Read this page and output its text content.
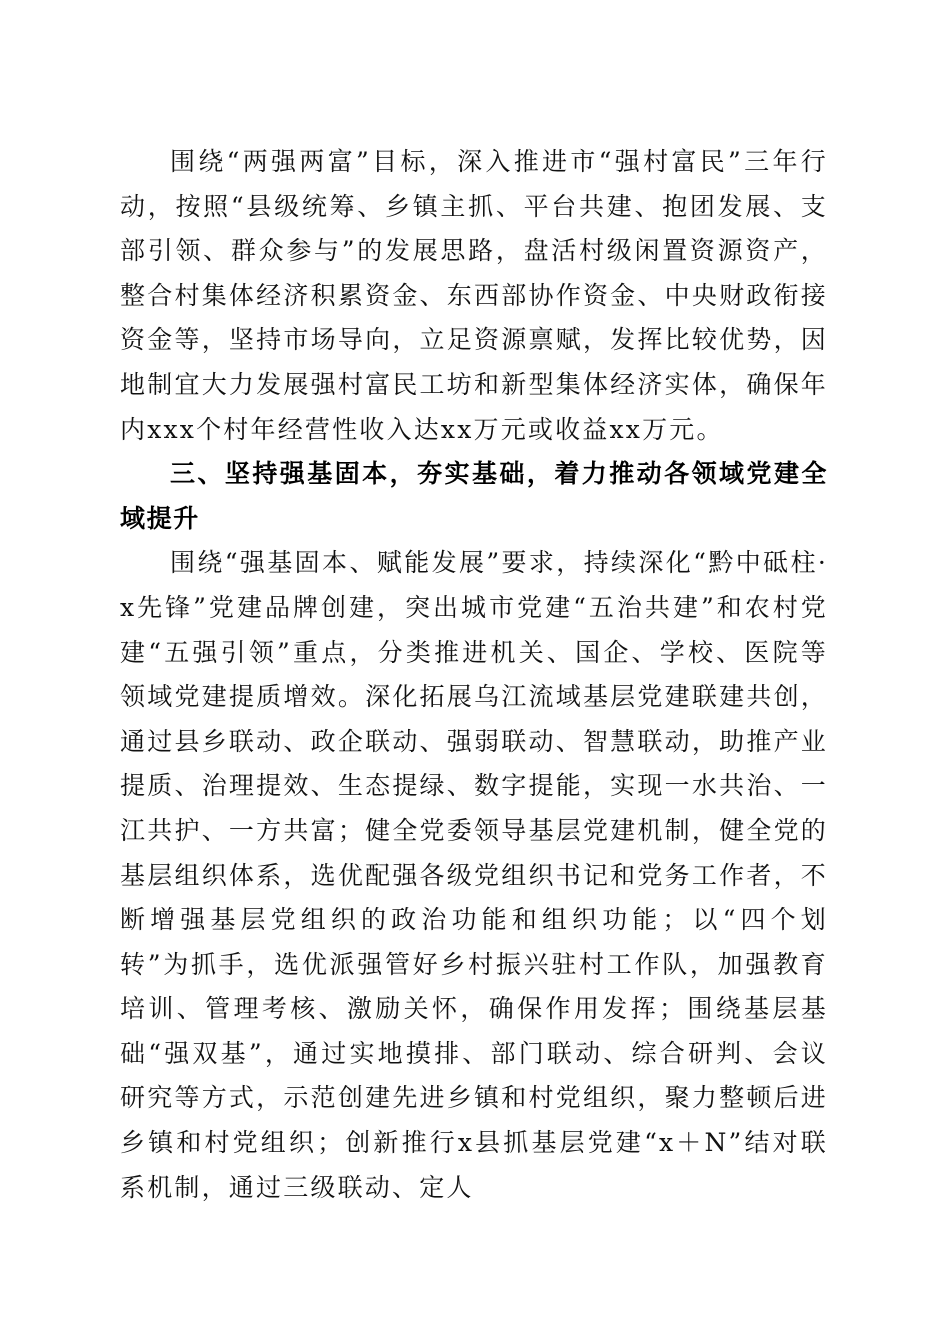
围绕“两强两富”目标，深入推进市“强村富民”三年行动，按照“县级统筹、乡镇主抓、平台共建、抱团发展、支部引领、群众参与”的发展思路，盘活村级闲置资源资产，整合村集体经济积累资金、东西部协作资金、中央财政衔接资金等，坚持市场导向，立足资源禀赋，发挥比较优势，因地制宜大力发展强村富民工坊和新型集体经济实体，确保年内xxx个村年经营性收入达xx万元或收益xx万元。

三、坚持强基固本，夯实基础，着力推动各领域党建全域提升

围绕“强基固本、赋能发展”要求，持续深化“黔中砥柱·x先锋”党建品牌创建，突出城市党建“五治共建”和农村党建“五强引领”重点，分类推进机关、国企、学校、医院等领域党建提质增效。深化拓展乌江流域基层党建联建共创，通过县乡联动、政企联动、强弱联动、智慧联动，助推产业提质、治理提效、生态提绿、数字提能，实现一水共治、一江共护、一方共富；健全党委领导基层党建机制，健全党的基层组织体系，选优配强各级党组织书记和党务工作者，不断增强基层党组织的政治功能和组织功能；以“四个划转”为抓手，选优派强管好乡村振兴驻村工作队，加强教育培训、管理考核、激励关怀，确保作用发挥；围绕基层基础“强双基”，通过实地摸排、部门联动、综合研判、会议研究等方式，示范创建先进乡镇和村党组织，聚力整顿后进乡镇和村党组织；创新推行x县抓基层党建“x＋N”结对联系机制，通过三级联动、定人
